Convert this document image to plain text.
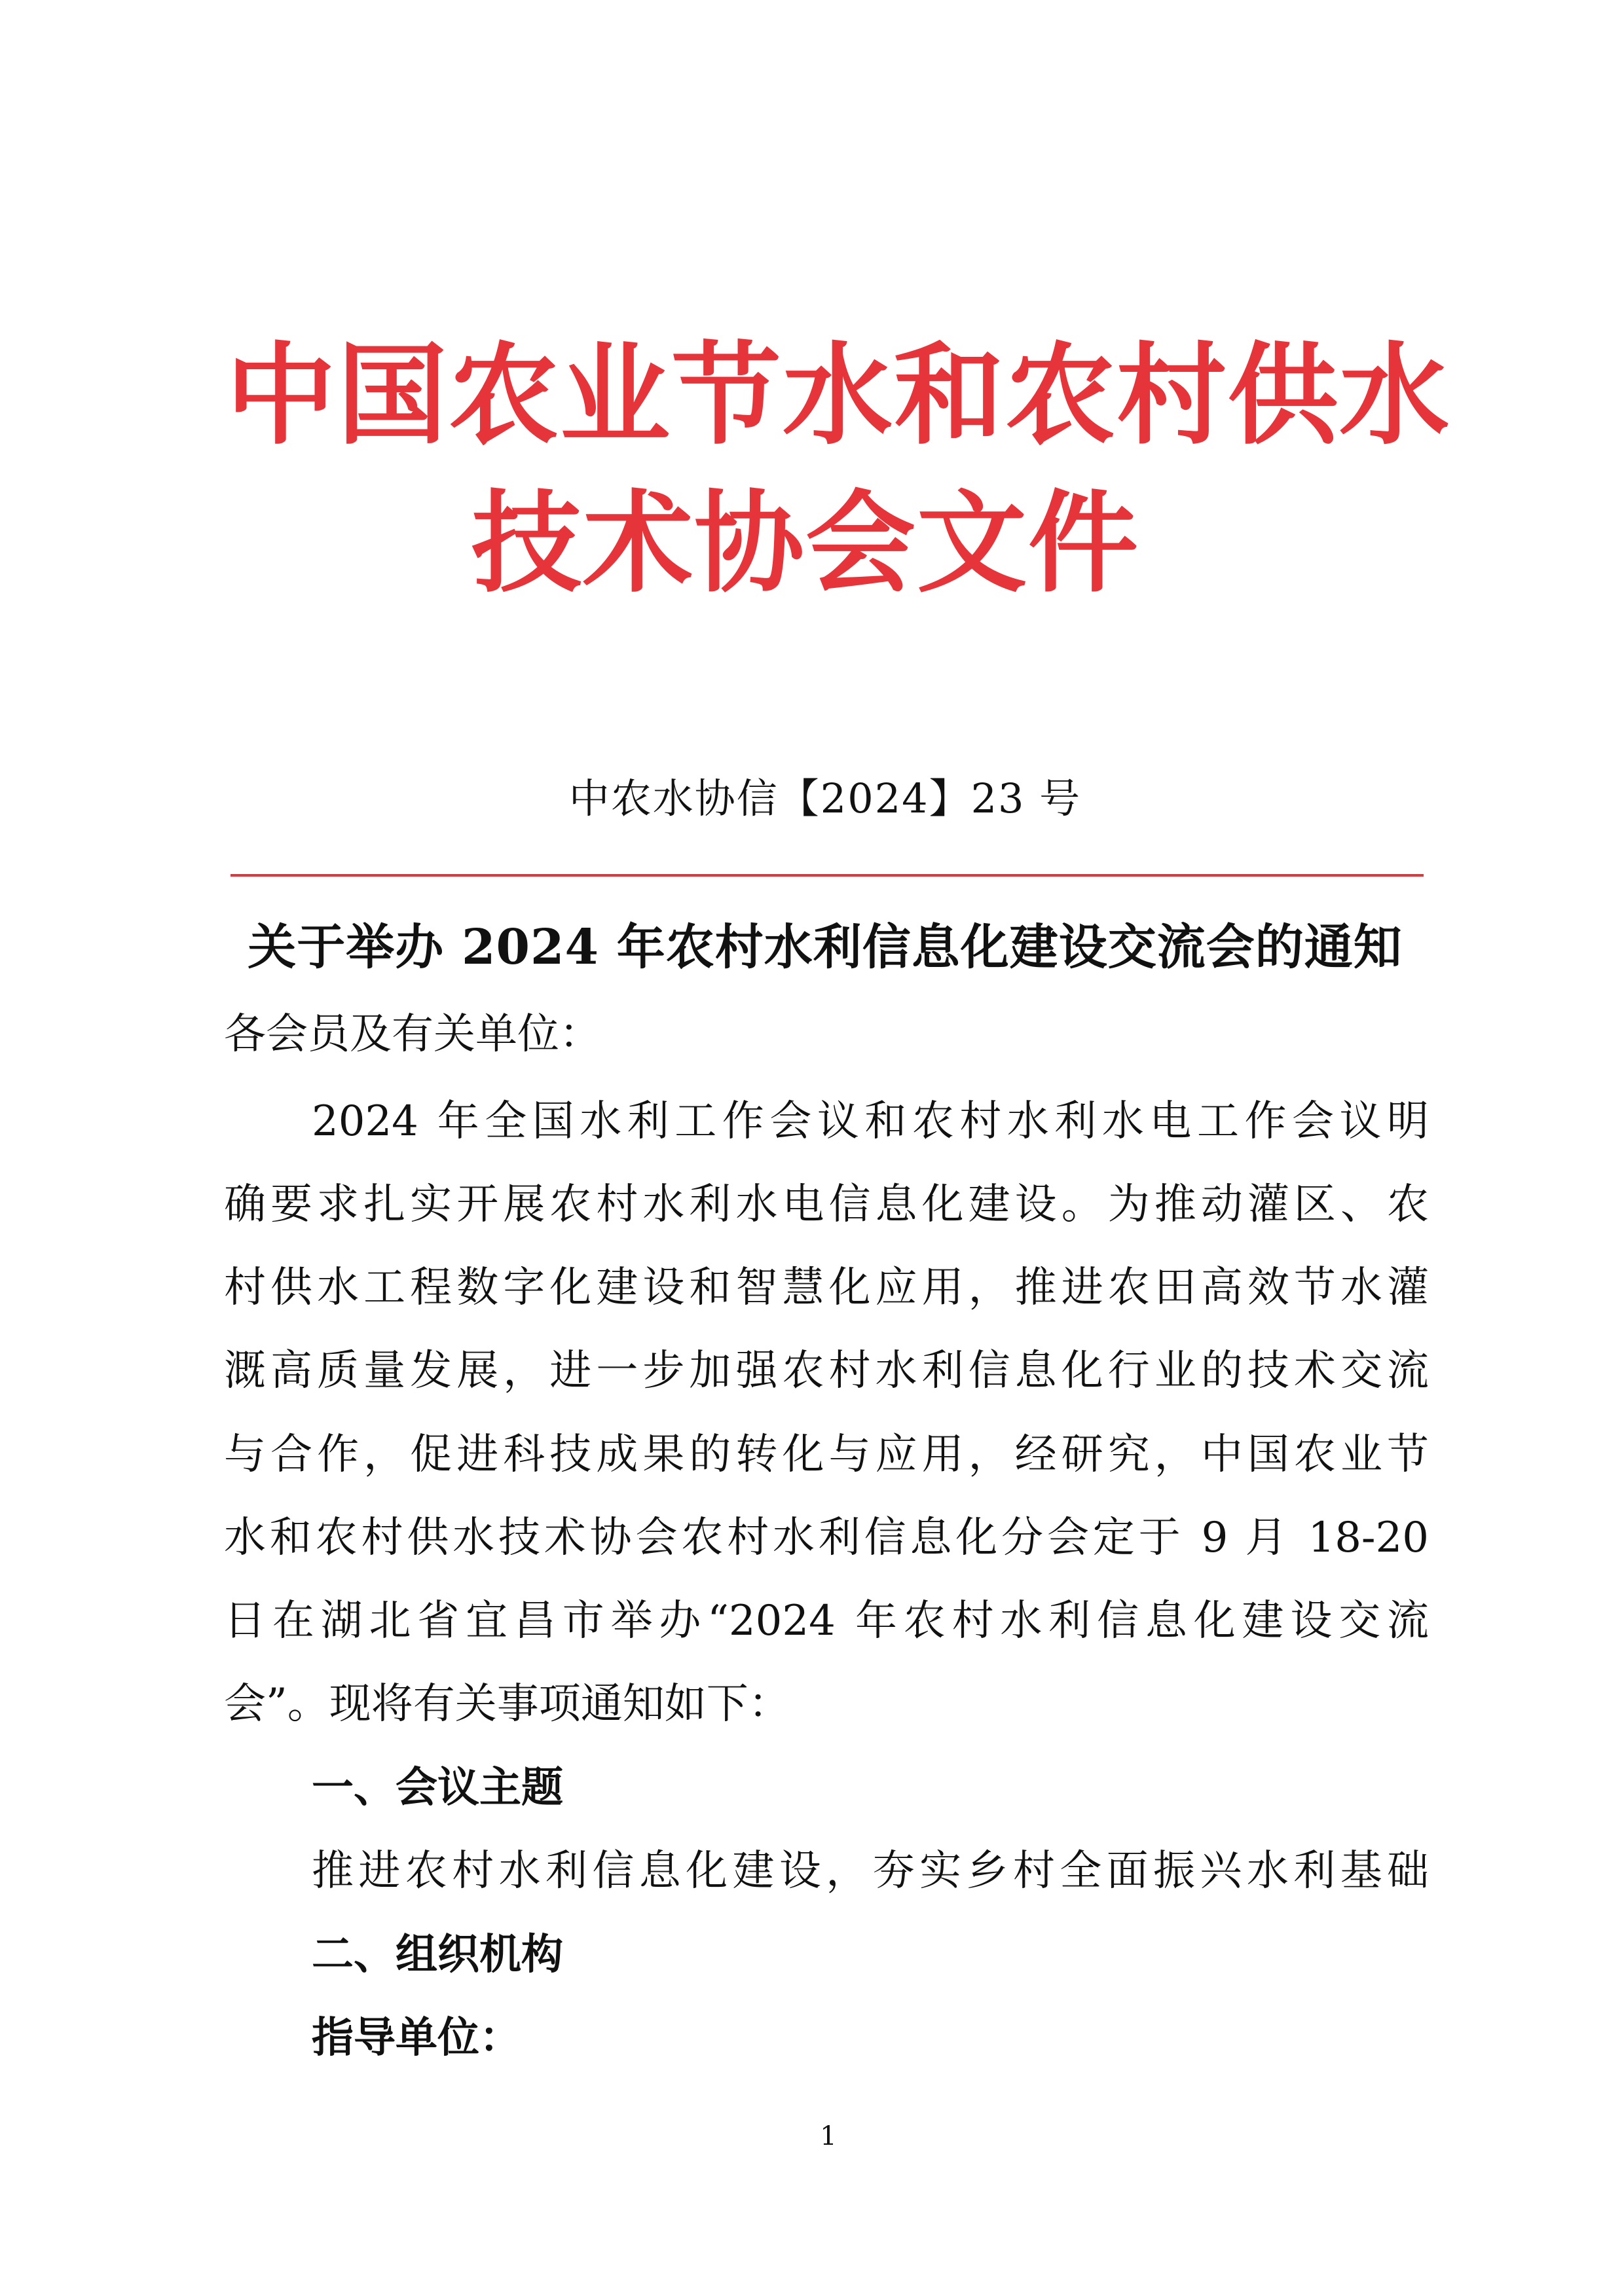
中国农业节水和农村供水
技术协会文件
中农水协信【2024】23 号
关于举办 2024 年农村水利信息化建设交流会的通知
各会员及有关单位：
2024 年全国水利工作会议和农村水利水电工作会议明
确要求扎实开展农村水利水电信息化建设。为推动灌区、农
村供水工程数字化建设和智慧化应用，推进农田高效节水灌
溉高质量发展，进一步加强农村水利信息化行业的技术交流
与合作，促进科技成果的转化与应用，经研究，中国农业节
水和农村供水技术协会农村水利信息化分会定于 9 月 18-20
日在湖北省宜昌市举办“2024 年农村水利信息化建设交流
会”。现将有关事项通知如下：
一、会议主题
推进农村水利信息化建设，夯实乡村全面振兴水利基础
二、组织机构
指导单位：
1
